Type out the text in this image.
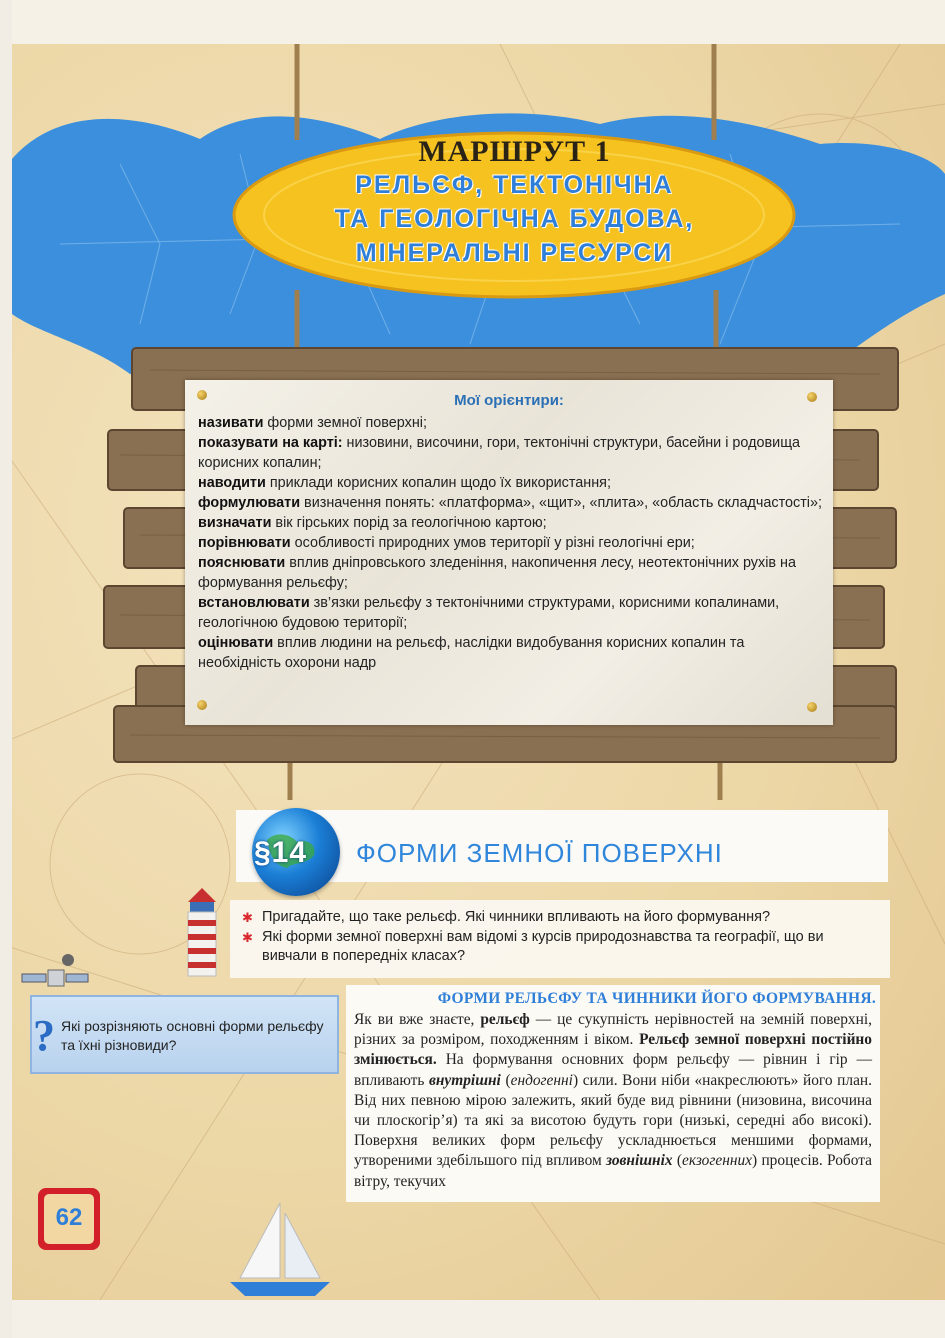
МАРШРУТ 1
РЕЛЬЄФ, ТЕКТОНІЧНА
ТА ГЕОЛОГІЧНА БУДОВА,
МІНЕРАЛЬНІ РЕСУРСИ
Мої орієнтири:
називати форми земної поверхні;
показувати на карті: низовини, височини, гори, тектонічні структури, басейни і родовища корисних копалин;
наводити приклади корисних копалин щодо їх використання;
формулювати визначення понять: «платформа», «щит», «плита», «область складчастості»;
визначати вік гірських порід за геологічною картою;
порівнювати особливості природних умов території у різні геологічні ери;
пояснювати вплив дніпровського зледеніння, накопичення лесу, неотектонічних рухів на формування рельєфу;
встановлювати зв’язки рельєфу з тектонічними структурами, корисними копалинами, геологічною будовою території;
оцінювати вплив людини на рельєф, наслідки видобування корисних копалин та необхідність охорони надр
§14 ФОРМИ ЗЕМНОЇ ПОВЕРХНІ
✱ Пригадайте, що таке рельєф. Які чинники впливають на його формування?
✱ Які форми земної поверхні вам відомі з курсів природознавства та географії, що ви вивчали в попередніх класах?
? Які розрізняють основні форми рельєфу та їхні різновиди?
ФОРМИ РЕЛЬЄФУ ТА ЧИННИКИ ЙОГО ФОРМУВАННЯ.
Як ви вже знаєте, рельєф — це сукупність нерівностей на земній поверхні, різних за розміром, походженням і віком. Рельєф земної поверхні постійно змінюється. На формування основних форм рельєфу — рівнин і гір — впливають внутрішні (ендогенні) сили. Вони ніби «накреслюють» його план. Від них певною мірою залежить, який буде вид рівнини (низовина, височина чи плоскогір’я) та які за висотою будуть гори (низькі, середні або високі). Поверхня великих форм рельєфу ускладнюється меншими формами, утвореними здебільшого під впливом зовнішніх (екзогенних) процесів. Робота вітру, текучих
62
